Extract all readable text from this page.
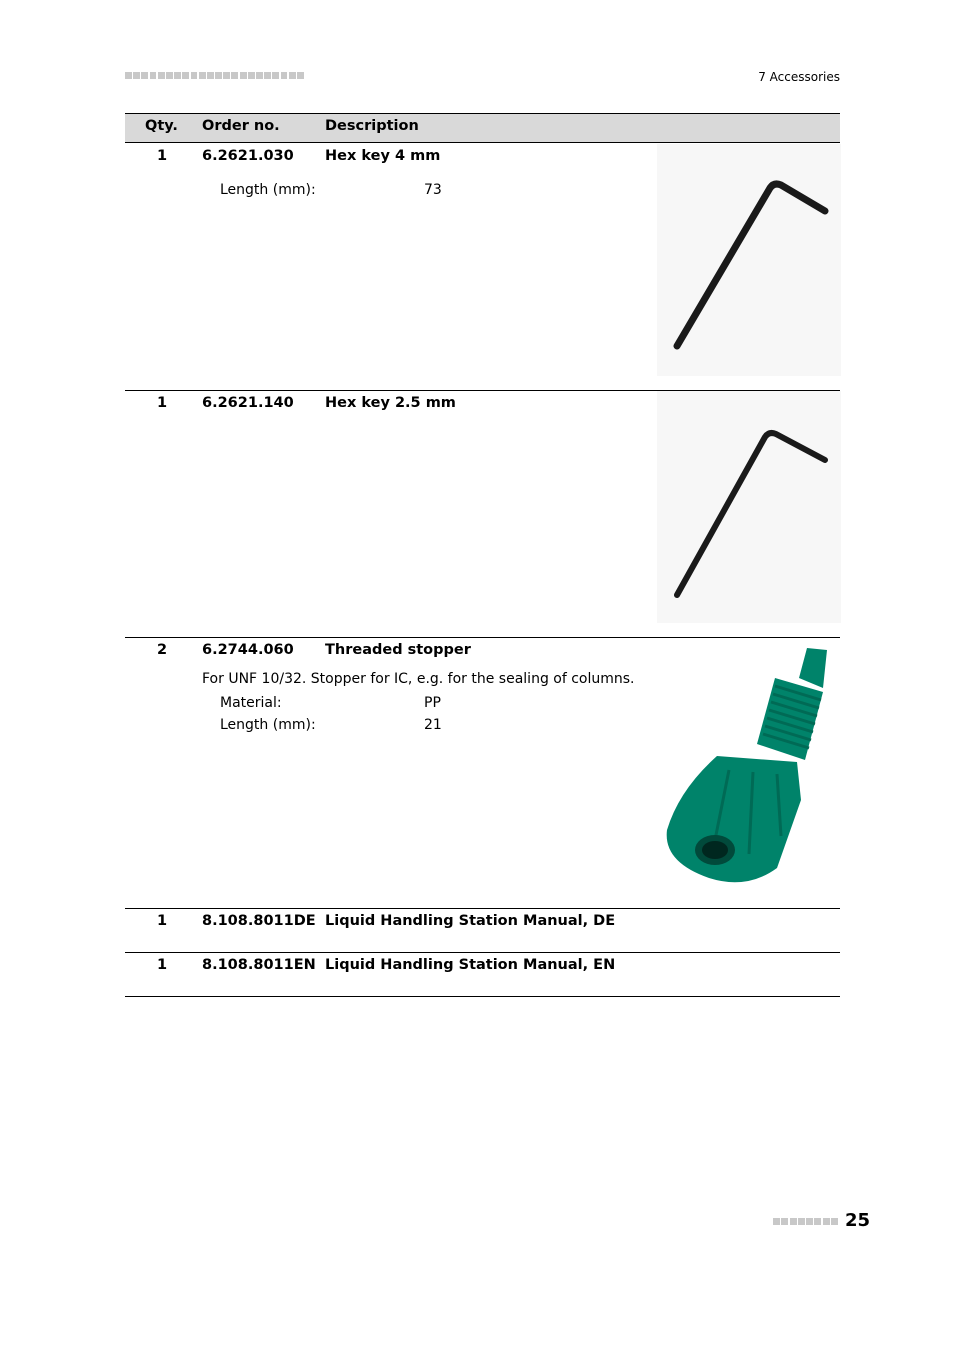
7 Accessories
Qty. Order no.	Description
1 6.2621.030 Hex key 4 mm
Length (mm):	73
1 6.2621.140 Hex key 2.5 mm
2 6.2744.060 Threaded stopper
For UNF 10/32. Stopper for IC, e.g. for the sealing of columns.
Material:	PP
Length (mm):	21
1 8.108.8011DE Liquid Handling Station Manual, DE
1 8.108.8011EN Liquid Handling Station Manual, EN
25
